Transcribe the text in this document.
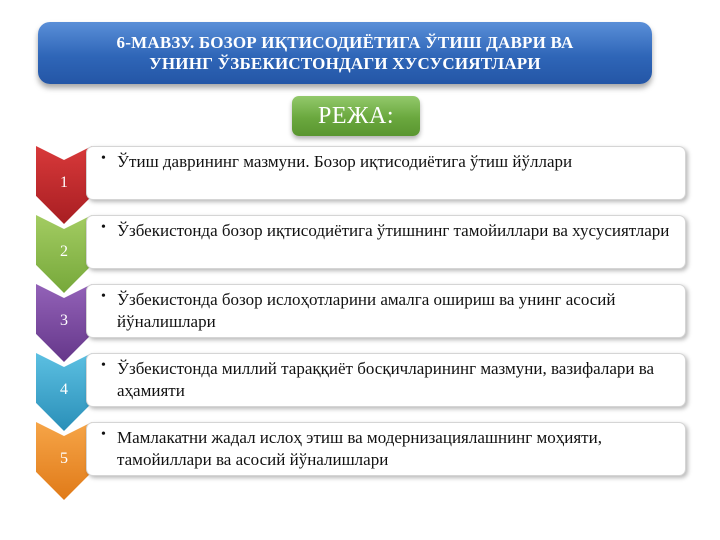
6-МАВЗУ. БОЗОР ИҚТИСОДИЁТИГА ЎТИШ ДАВРИ ВА
УНИНГ ЎЗБЕКИСТОНДАГИ ХУСУСИЯТЛАРИ
РЕЖА:
1
• Ўтиш даврининг мазмуни. Бозор иқтисодиётига ўтиш йўллари
2
• Ўзбекистонда бозор иқтисодиётига ўтишнинг тамойиллари ва хусусиятлари
3
• Ўзбекистонда бозор ислоҳотларини амалга ошириш ва унинг асосий йўналишлари
4
• Ўзбекистонда миллий тараққиёт босқичларининг мазмуни, вазифалари ва аҳамияти
5
• Мамлакатни жадал ислоҳ этиш ва модернизациялашнинг моҳияти, тамойиллари ва асосий йўналишлари
